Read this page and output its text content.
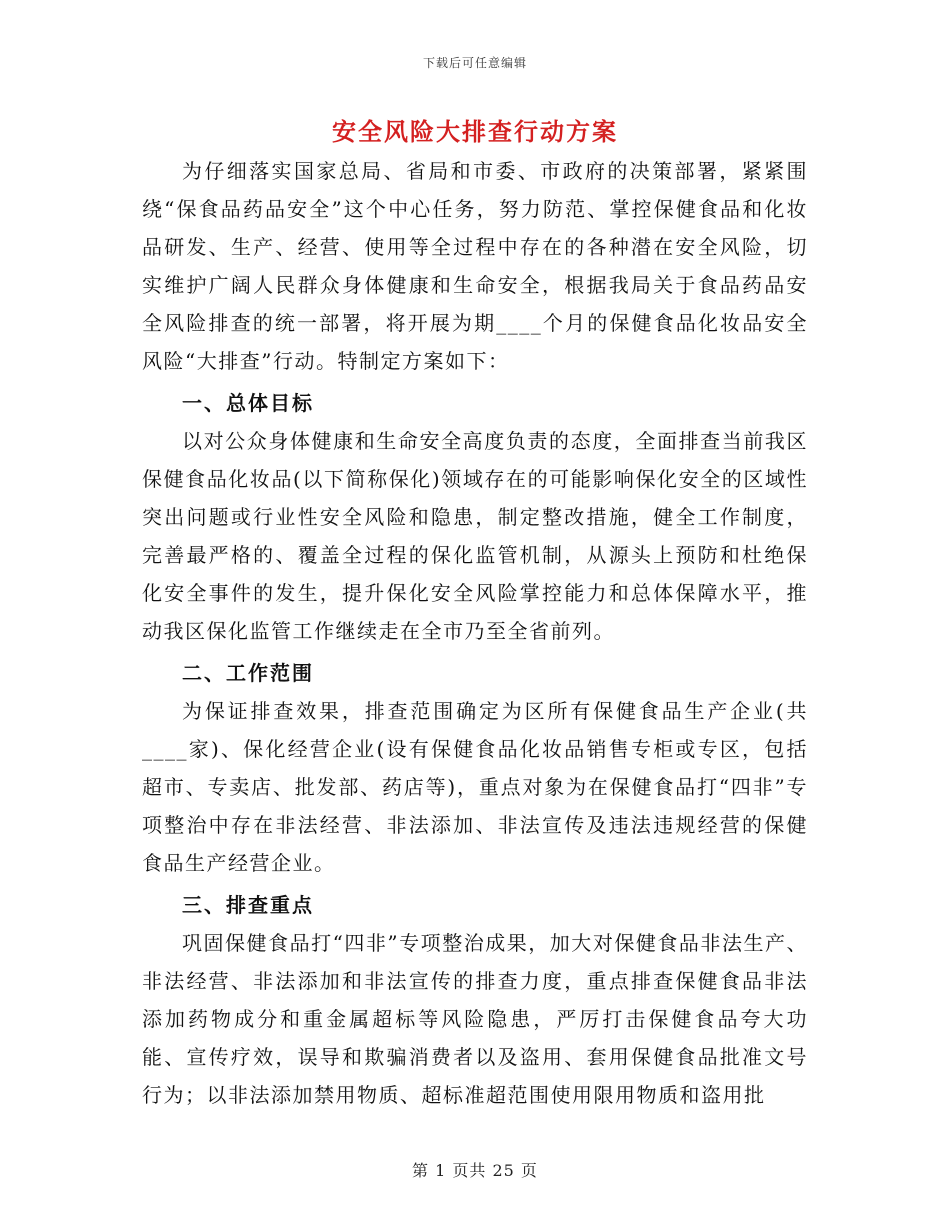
下载后可任意编辑
安全风险大排查行动方案

为仔细落实国家总局、省局和市委、市政府的决策部署，紧紧围绕“保食品药品安全”这个中心任务，努力防范、掌控保健食品和化妆品研发、生产、经营、使用等全过程中存在的各种潜在安全风险，切实维护广阔人民群众身体健康和生命安全，根据我局关于食品药品安全风险排查的统一部署，将开展为期____个月的保健食品化妆品安全风险“大排查”行动。特制定方案如下：

一、总体目标

以对公众身体健康和生命安全高度负责的态度，全面排查当前我区保健食品化妆品(以下简称保化)领域存在的可能影响保化安全的区域性突出问题或行业性安全风险和隐患，制定整改措施，健全工作制度，完善最严格的、覆盖全过程的保化监管机制，从源头上预防和杜绝保化安全事件的发生，提升保化安全风险掌控能力和总体保障水平，推动我区保化监管工作继续走在全市乃至全省前列。

二、工作范围

为保证排查效果，排查范围确定为区所有保健食品生产企业(共____家)、保化经营企业(设有保健食品化妆品销售专柜或专区，包括超市、专卖店、批发部、药店等)，重点对象为在保健食品打“四非”专项整治中存在非法经营、非法添加、非法宣传及违法违规经营的保健食品生产经营企业。

三、排查重点

巩固保健食品打“四非”专项整治成果，加大对保健食品非法生产、非法经营、非法添加和非法宣传的排查力度，重点排查保健食品非法添加药物成分和重金属超标等风险隐患，严厉打击保健食品夸大功能、宣传疗效，误导和欺骗消费者以及盗用、套用保健食品批准文号行为；以非法添加禁用物质、超标准超范围使用限用物质和盗用批

第 1 页共 25 页
